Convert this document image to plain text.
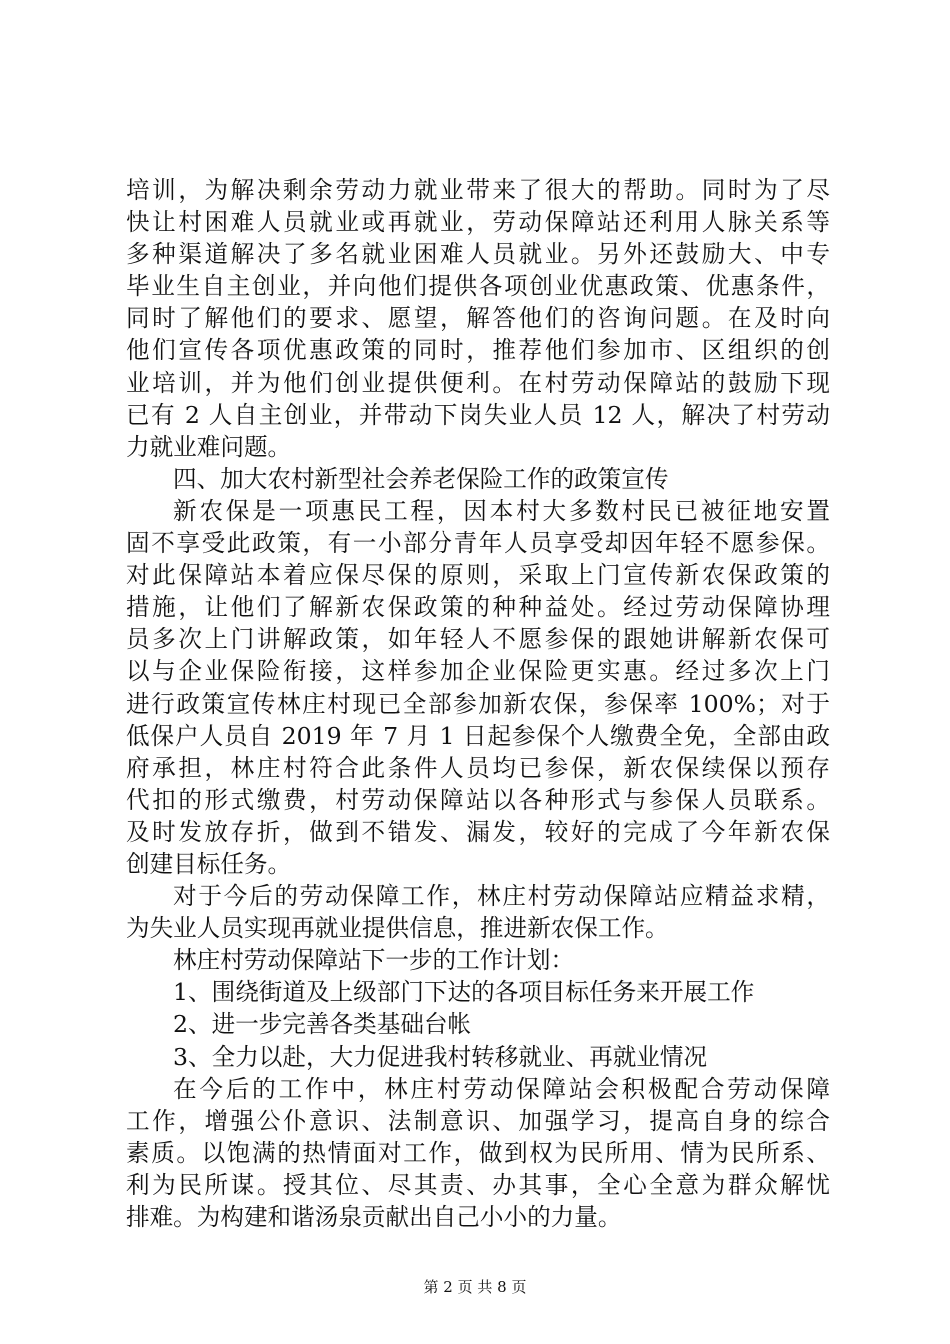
培训，为解决剩余劳动力就业带来了很大的帮助。同时为了尽
快让村困难人员就业或再就业，劳动保障站还利用人脉关系等
多种渠道解决了多名就业困难人员就业。另外还鼓励大、中专
毕业生自主创业，并向他们提供各项创业优惠政策、优惠条件，
同时了解他们的要求、愿望，解答他们的咨询问题。在及时向
他们宣传各项优惠政策的同时，推荐他们参加市、区组织的创
业培训，并为他们创业提供便利。在村劳动保障站的鼓励下现
已有 2 人自主创业，并带动下岗失业人员 12 人，解决了村劳动
力就业难问题。
四、加大农村新型社会养老保险工作的政策宣传
新农保是一项惠民工程，因本村大多数村民已被征地安置
固不享受此政策，有一小部分青年人员享受却因年轻不愿参保。
对此保障站本着应保尽保的原则，采取上门宣传新农保政策的
措施，让他们了解新农保政策的种种益处。经过劳动保障协理
员多次上门讲解政策，如年轻人不愿参保的跟她讲解新农保可
以与企业保险衔接，这样参加企业保险更实惠。经过多次上门
进行政策宣传林庄村现已全部参加新农保，参保率 100%；对于
低保户人员自 2019 年 7 月 1 日起参保个人缴费全免，全部由政
府承担，林庄村符合此条件人员均已参保，新农保续保以预存
代扣的形式缴费，村劳动保障站以各种形式与参保人员联系。
及时发放存折，做到不错发、漏发，较好的完成了今年新农保
创建目标任务。
对于今后的劳动保障工作，林庄村劳动保障站应精益求精，
为失业人员实现再就业提供信息，推进新农保工作。
林庄村劳动保障站下一步的工作计划：
1、围绕街道及上级部门下达的各项目标任务来开展工作
2、进一步完善各类基础台帐
3、全力以赴，大力促进我村转移就业、再就业情况
在今后的工作中，林庄村劳动保障站会积极配合劳动保障
工作，增强公仆意识、法制意识、加强学习，提高自身的综合
素质。以饱满的热情面对工作，做到权为民所用、情为民所系、
利为民所谋。授其位、尽其责、办其事，全心全意为群众解忧
排难。为构建和谐汤泉贡献出自己小小的力量。
第 2 页 共 8 页
